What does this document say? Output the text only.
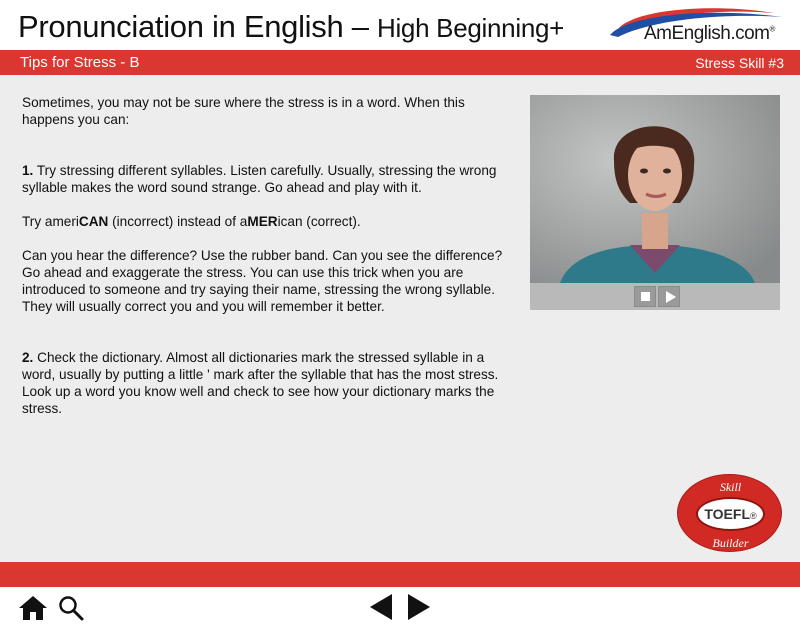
Pronunciation in English – High Beginning+	AmEnglish.com®
Tips for Stress - B	Stress Skill #3

Sometimes, you may not be sure where the stress is in a word. When this happens you can:

1. Try stressing different syllables. Listen carefully. Usually, stressing the wrong syllable makes the word sound strange. Go ahead and play with it.

Try ameriCAN (incorrect) instead of aMERican (correct).

Can you hear the difference? Use the rubber band. Can you see the difference? Go ahead and exaggerate the stress. You can use this trick when you are introduced to someone and try saying their name, stressing the wrong syllable. They will usually correct you and you will remember it better.

2. Check the dictionary. Almost all dictionaries mark the stressed syllable in a word, usually by putting a little ' mark after the syllable that has the most stress. Look up a word you know well and check to see how your dictionary marks the stress.

Skill
TOEFL®
Builder
